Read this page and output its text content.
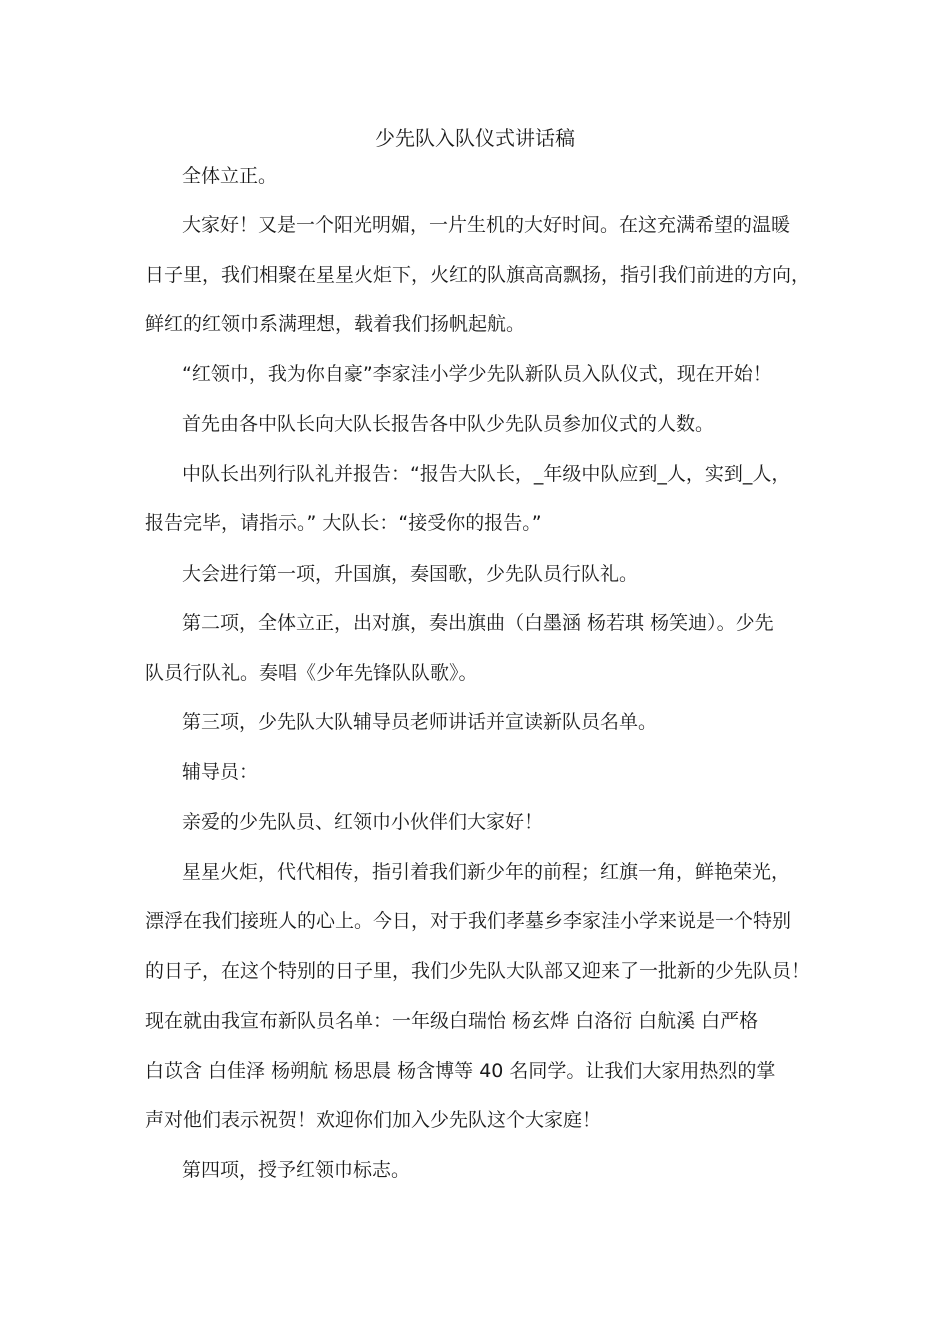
少先队入队仪式讲话稿
全体立正。
大家好！又是一个阳光明媚，一片生机的大好时间。在这充满希望的温暖
日子里，我们相聚在星星火炬下，火红的队旗高高飘扬，指引我们前进的方向，
鲜红的红领巾系满理想，载着我们扬帆起航。
“红领巾，我为你自豪”李家洼小学少先队新队员入队仪式，现在开始！
首先由各中队长向大队长报告各中队少先队员参加仪式的人数。
中队长出列行队礼并报告：“报告大队长，_年级中队应到_人，实到_人，
报告完毕，请指示。” 大队长：“接受你的报告。”
大会进行第一项，升国旗，奏国歌，少先队员行队礼。
第二项，全体立正，出对旗，奏出旗曲（白墨涵 杨若琪 杨笑迪）。少先
队员行队礼。奏唱《少年先锋队队歌》。
第三项，少先队大队辅导员老师讲话并宣读新队员名单。
辅导员：
亲爱的少先队员、红领巾小伙伴们大家好！
星星火炬，代代相传，指引着我们新少年的前程；红旗一角，鲜艳荣光，
漂浮在我们接班人的心上。今日，对于我们孝墓乡李家洼小学来说是一个特别
的日子，在这个特别的日子里，我们少先队大队部又迎来了一批新的少先队员！
现在就由我宣布新队员名单：一年级白瑞怡 杨玄烨 白洛衍 白航溪 白严格
白苡含 白佳泽 杨朔航 杨思晨 杨含博等 40 名同学。让我们大家用热烈的掌
声对他们表示祝贺！欢迎你们加入少先队这个大家庭！
第四项，授予红领巾标志。
